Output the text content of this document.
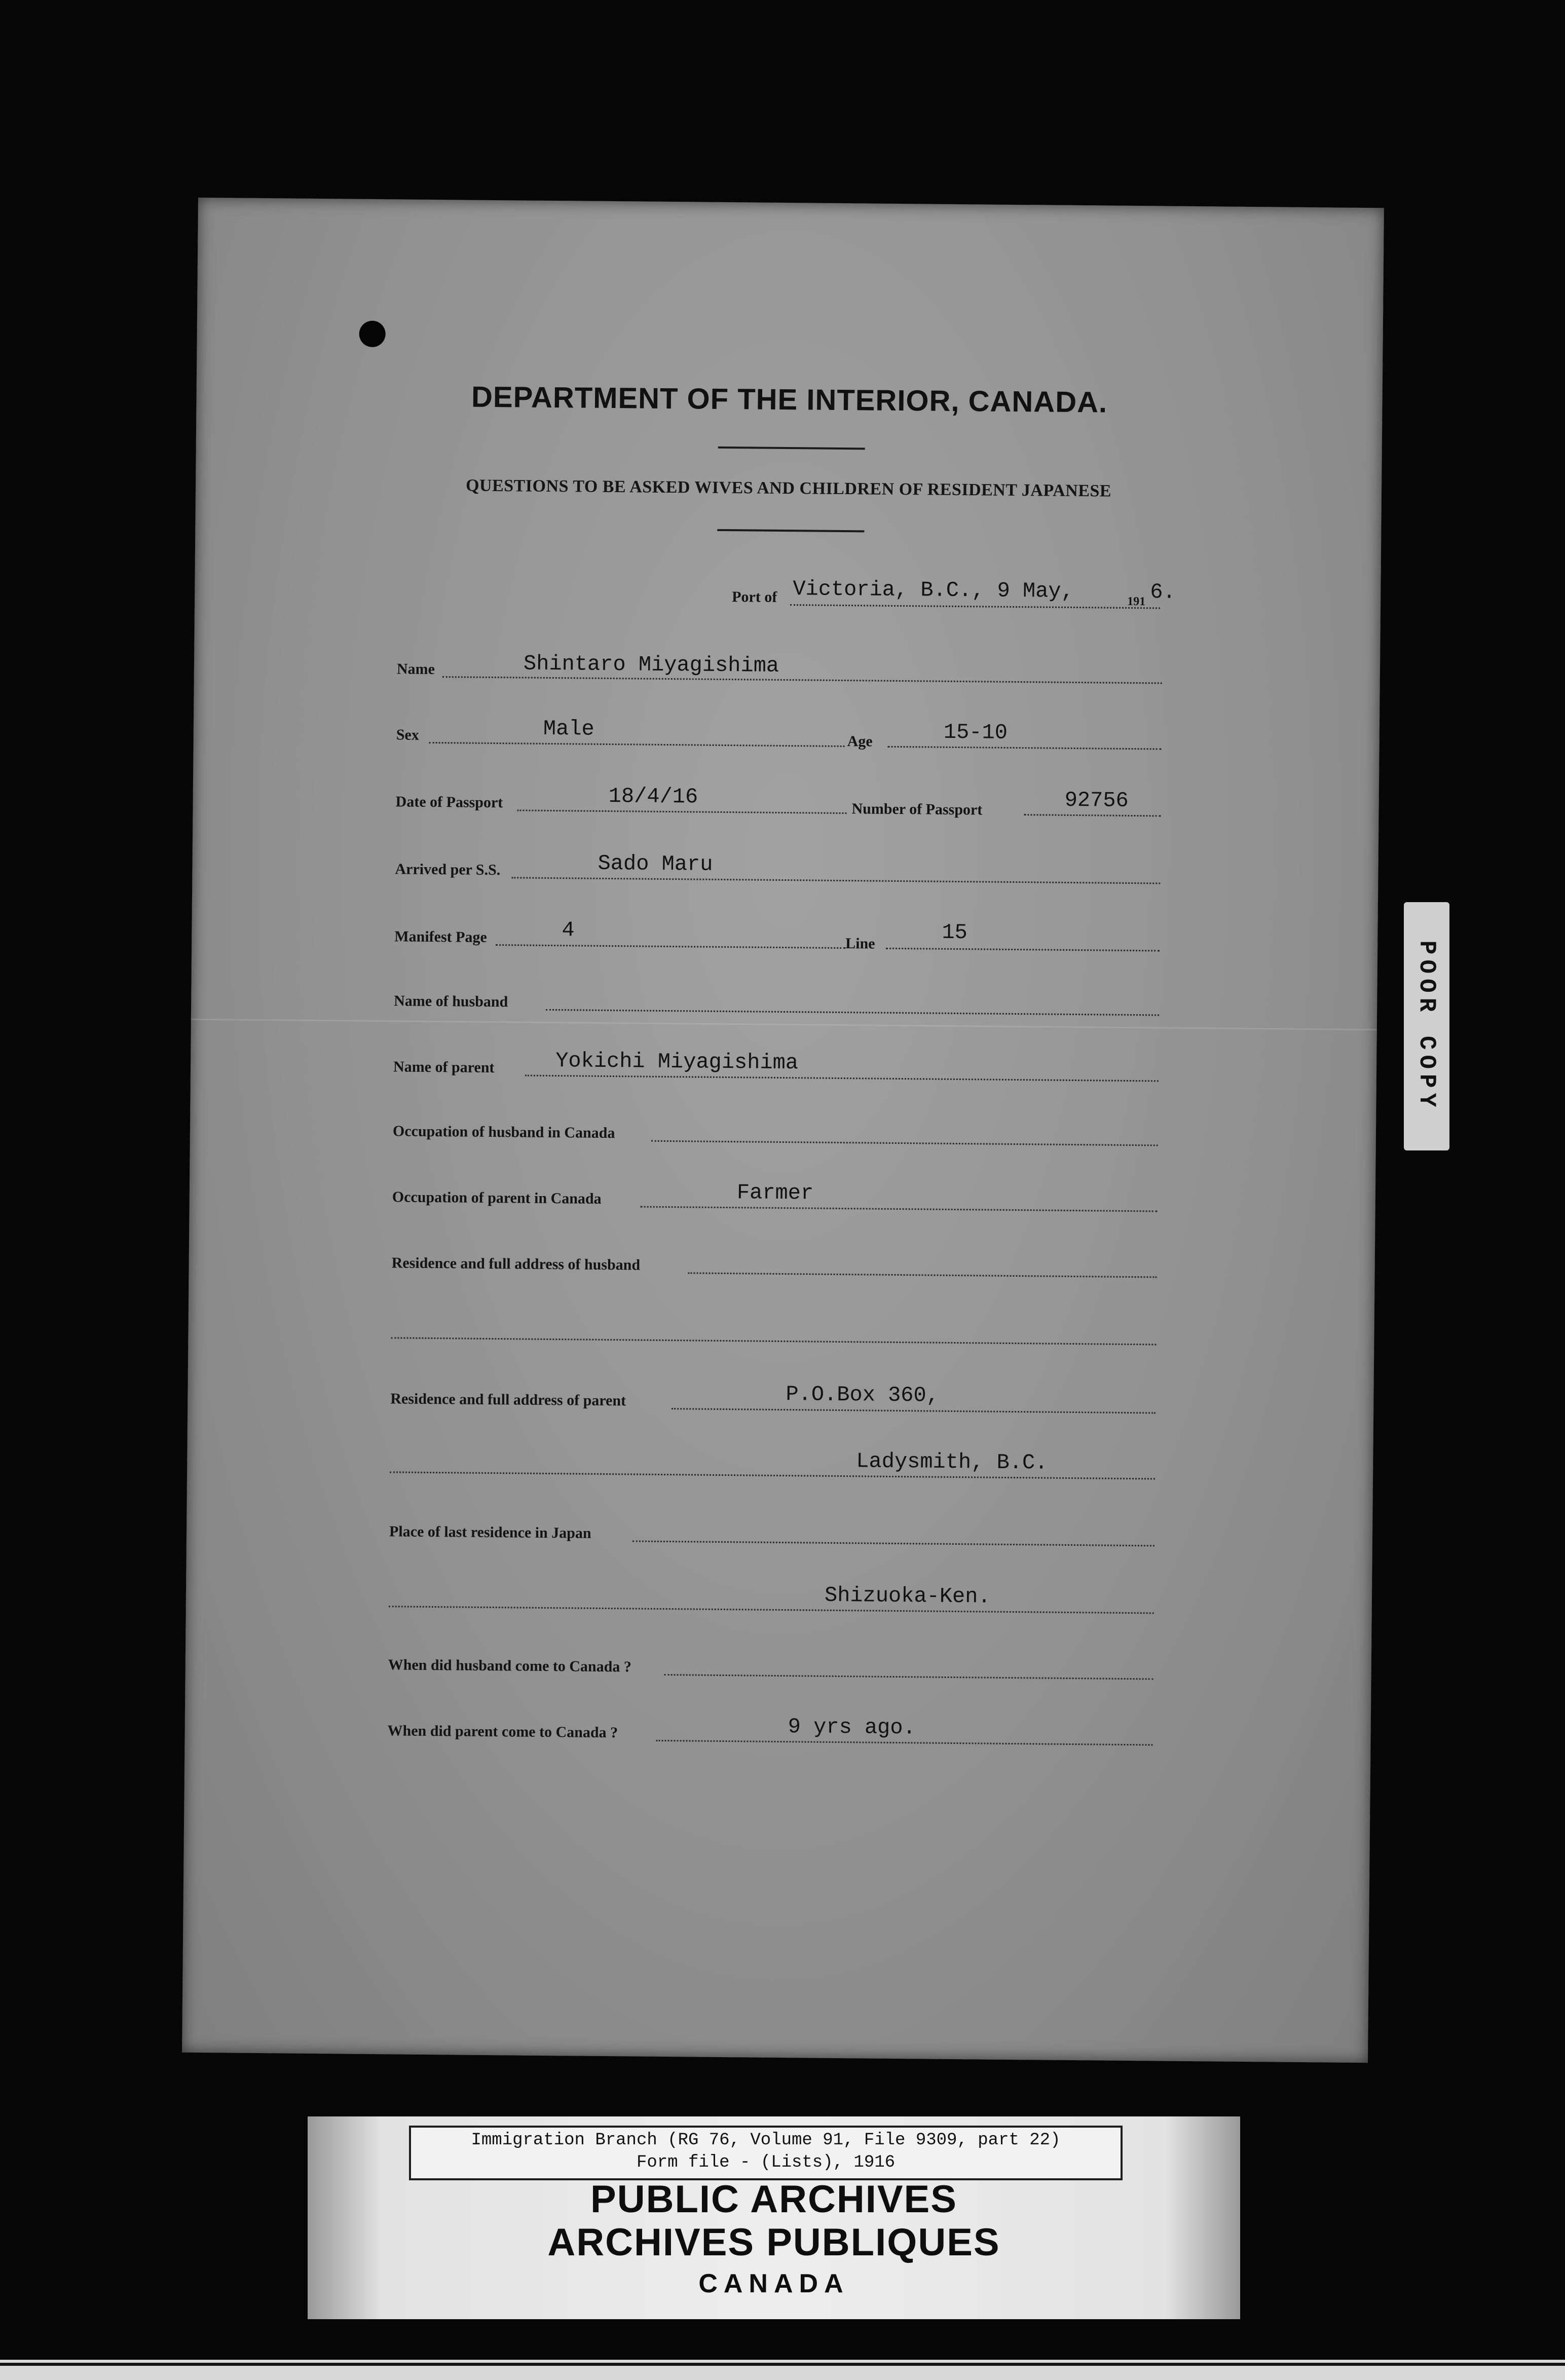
DEPARTMENT OF THE INTERIOR, CANADA.
QUESTIONS TO BE ASKED WIVES AND CHILDREN OF RESIDENT JAPANESE
Port of Victoria, B.C., 9 May,	191 6.
Name	Shintaro Miyagishima
Sex	Male
Age	15-10
Date of Passport	18/4/16
Number of Passport	92756
Arrived per S.S.	Sado Maru
Manifest Page	4
Line	15
Name of husband
Name of parent	Yokichi Miyagishima
Occupation of husband in Canada
Occupation of parent in Canada	Farmer
Residence and full address of husband
Residence and full address of parent	P.O.Box 360,
Ladysmith, B.C.
Place of last residence in Japan
Shizuoka-Ken.
When did husband come to Canada ?
When did parent come to Canada ?	9 yrs ago.
POOR COPY
Immigration Branch (RG 76, Volume 91, File 9309, part 22)
Form file - (Lists), 1916
PUBLIC ARCHIVES
ARCHIVES PUBLIQUES
CANADA
